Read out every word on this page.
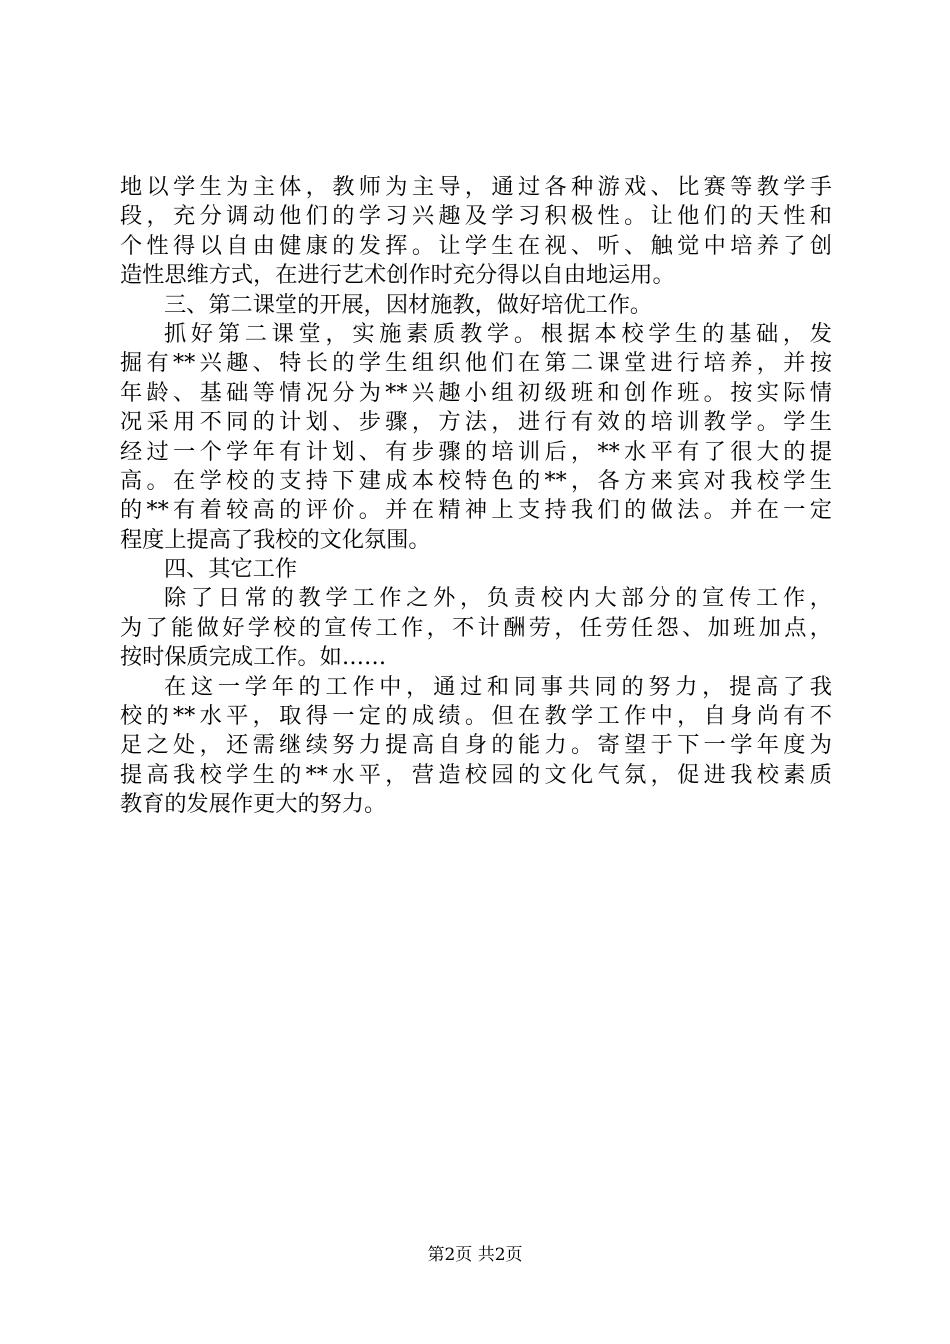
地以学生为主体，教师为主导，通过各种游戏、比赛等教学手
段，充分调动他们的学习兴趣及学习积极性。让他们的天性和
个性得以自由健康的发挥。让学生在视、听、触觉中培养了创
造性思维方式，在进行艺术创作时充分得以自由地运用。
三、第二课堂的开展，因材施教，做好培优工作。
抓好第二课堂，实施素质教学。根据本校学生的基础，发
掘有**兴趣、特长的学生组织他们在第二课堂进行培养，并按
年龄、基础等情况分为**兴趣小组初级班和创作班。按实际情
况采用不同的计划、步骤，方法，进行有效的培训教学。学生
经过一个学年有计划、有步骤的培训后，**水平有了很大的提
高。在学校的支持下建成本校特色的**，各方来宾对我校学生
的**有着较高的评价。并在精神上支持我们的做法。并在一定
程度上提高了我校的文化氛围。
四、其它工作
除了日常的教学工作之外，负责校内大部分的宣传工作，
为了能做好学校的宣传工作，不计酬劳，任劳任怨、加班加点，
按时保质完成工作。如……
在这一学年的工作中，通过和同事共同的努力，提高了我
校的**水平，取得一定的成绩。但在教学工作中，自身尚有不
足之处，还需继续努力提高自身的能力。寄望于下一学年度为
提高我校学生的**水平，营造校园的文化气氛，促进我校素质
教育的发展作更大的努力。
第2页 共2页
